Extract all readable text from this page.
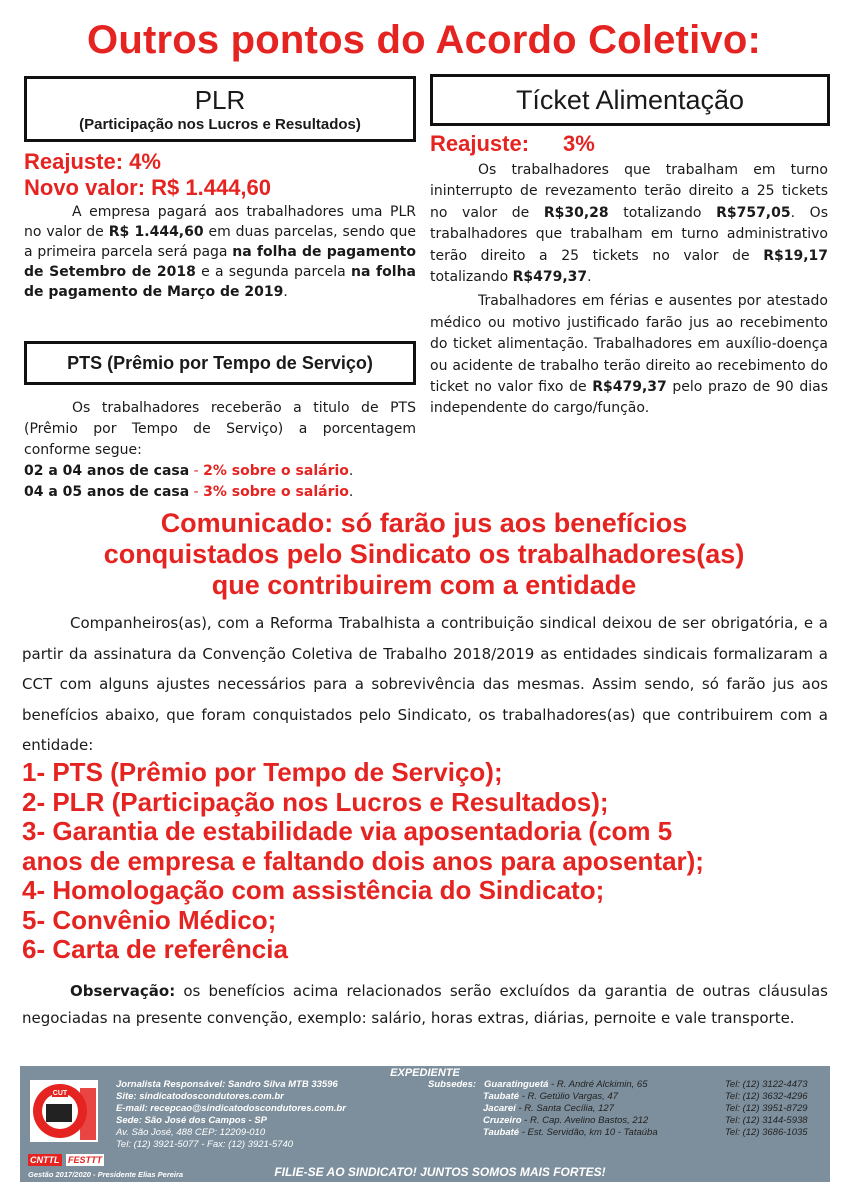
Outros pontos do Acordo Coletivo:
PLR
(Participação nos Lucros e Resultados)
Reajuste: 4%
Novo valor: R$ 1.444,60

A empresa pagará aos trabalhadores uma PLR no valor de R$ 1.444,60 em duas parcelas, sendo que a primeira parcela será paga na folha de pagamento de Setembro de 2018 e a segunda parcela na folha de pagamento de Março de 2019.

PTS (Prêmio por Tempo de Serviço)

Os trabalhadores receberão a titulo de PTS (Prêmio por Tempo de Serviço) a porcentagem conforme segue:

02 a 04 anos de casa - 2% sobre o salário.

04 a 05 anos de casa - 3% sobre o salário.

Tícket Alimentação
Reajuste: 3%

Os trabalhadores que trabalham em turno ininterrupto de revezamento terão direito a 25 tickets no valor de R$30,28 totalizando R$757,05. Os trabalhadores que trabalham em turno administrativo terão direito a 25 tickets no valor de R$19,17 totalizando R$479,37.

Trabalhadores em férias e ausentes por atestado médico ou motivo justificado farão jus ao recebimento do ticket alimentação. Trabalhadores em auxílio-doença ou acidente de trabalho terão direito ao recebimento do ticket no valor fixo de R$479,37 pelo prazo de 90 dias independente do cargo/função.

Comunicado: só farão jus aos benefícios
conquistados pelo Sindicato os trabalhadores(as)
que contribuirem com a entidade

Companheiros(as), com a Reforma Trabalhista a contribuição sindical deixou de ser obrigatória, e a partir da assinatura da Convenção Coletiva de Trabalho 2018/2019 as entidades sindicais formalizaram a CCT com alguns ajustes necessários para a sobrevivência das mesmas. Assim sendo, só farão jus aos benefícios abaixo, que foram conquistados pelo Sindicato, os trabalhadores(as) que contribuirem com a entidade:

1- PTS (Prêmio por Tempo de Serviço);
2- PLR (Participação nos Lucros e Resultados);
3- Garantia de estabilidade via aposentadoria (com 5
anos de empresa e faltando dois anos para aposentar);
4- Homologação com assistência do Sindicato;
5- Convênio Médico;
6- Carta de referência

Observação: os benefícios acima relacionados serão excluídos da garantia de outras cláusulas negociadas na presente convenção, exemplo: salário, horas extras, diárias, pernoite e vale transporte.

EXPEDIENTE
CUT
CNTTL FESTTT
Jornalista Responsável: Sandro Silva MTB 33596
Site: sindicatodoscondutores.com.br
E-mail: recepcao@sindicatodoscondutores.com.br
Sede: São José dos Campos - SP
Av. São José, 488 CEP: 12209-010
Tel: (12) 3921-5077 - Fax: (12) 3921-5740
Subsedes: Guaratinguetá - R. André Alckimin, 65	Tel: (12) 3122-4473
Taubaté - R. Getúlio Vargas, 47	Tel: (12) 3632-4296
Jacareí - R. Santa Cecília, 127	Tel: (12) 3951-8729
Cruzeiro - R. Cap. Avelino Bastos, 212	Tel: (12) 3144-5938
Taubaté - Est. Servidão, km 10 - Tataúba	Tel: (12) 3686-1035
FILIE-SE AO SINDICATO! JUNTOS SOMOS MAIS FORTES!
Gestão 2017/2020 - Presidente Elias Pereira
